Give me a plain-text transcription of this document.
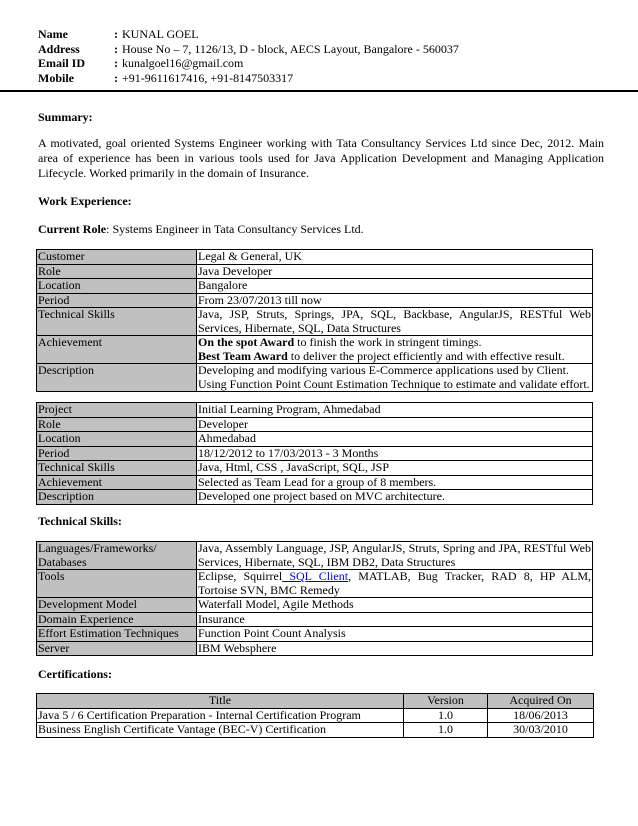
Name	: KUNAL GOEL
Address	: House No – 7, 1126/13, D - block, AECS Layout, Bangalore - 560037
Email ID	: kunalgoel16@gmail.com
Mobile	: +91-9611617416, +91-8147503317
Summary:
A motivated, goal oriented Systems Engineer working with Tata Consultancy Services Ltd since Dec, 2012. Main area of experience has been in various tools used for Java Application Development and Managing Application Lifecycle. Worked primarily in the domain of Insurance.
Work Experience:
Current Role: Systems Engineer in Tata Consultancy Services Ltd.
Customer	Legal & General, UK
Role	Java Developer
Location	Bangalore
Period	From 23/07/2013 till now
Technical Skills	Java, JSP, Struts, Springs, JPA, SQL, Backbase, AngularJS, RESTful Web Services, Hibernate, SQL, Data Structures
Achievement	On the spot Award to finish the work in stringent timings.
Best Team Award to deliver the project efficiently and with effective result.

Description	Developing and modifying various E-Commerce applications used by Client.
Using Function Point Count Estimation Technique to estimate and validate effort.
Project	Initial Learning Program, Ahmedabad
Role	Developer
Location	Ahmedabad
Period	18/12/2012 to 17/03/2013 - 3 Months
Technical Skills	Java, Html, CSS , JavaScript, SQL, JSP
Achievement	Selected as Team Lead for a group of 8 members.
Description	Developed one project based on MVC architecture.
Technical Skills:
Languages/Frameworks/ Databases	Java, Assembly Language, JSP, AngularJS, Struts, Spring and JPA, RESTful Web Services, Hibernate, SQL, IBM DB2, Data Structures
Tools	Eclipse, Squirrel SQL Client, MATLAB, Bug Tracker, RAD 8, HP ALM, Tortoise SVN, BMC Remedy
Development Model	Waterfall Model, Agile Methods
Domain Experience	Insurance
Effort Estimation Techniques	Function Point Count Analysis
Server	IBM Websphere
Certifications:
Title	Version	Acquired On
Java 5 / 6 Certification Preparation - Internal Certification Program	1.0	18/06/2013
Business English Certificate Vantage (BEC-V) Certification	1.0	30/03/2010
